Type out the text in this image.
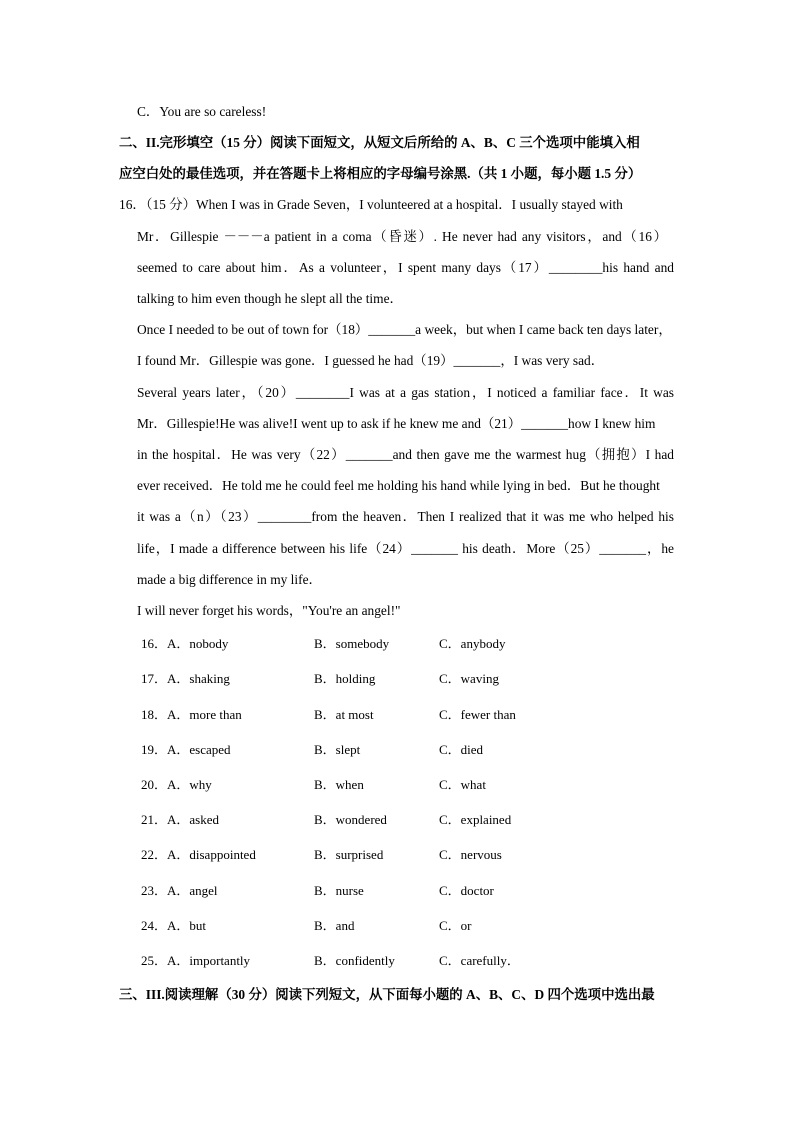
C．You are so careless!
二、II.完形填空（15 分）阅读下面短文，从短文后所给的 A、B、C 三个选项中能填入相
应空白处的最佳选项，并在答题卡上将相应的字母编号涂黑.（共 1 小题，每小题 1.5 分）
16．（15 分）When I was in Grade Seven，I volunteered at a hospital．I usually stayed with
Mr．Gillespie －－－a patient in a coma（昏迷）. He never had any visitors，and（16）
seemed to care about him．As a volunteer，I spent many days（17）________his hand and
talking to him even though he slept all the time．
Once I needed to be out of town for（18）_______a week，but when I came back ten days later，
I found Mr．Gillespie was gone．I guessed he had（19）_______，I was very sad．
Several years later，（20）________I was at a gas station，I noticed a familiar face．It was
Mr．Gillespie!He was alive!I went up to ask if he knew me and（21）_______how I knew him
in the hospital．He was very（22）_______and then gave me the warmest hug（拥抱）I had
ever received．He told me he could feel me holding his hand while lying in bed．But he thought
it was a（n）（23）________from the heaven．Then I realized that it was me who helped his
life，I made a difference between his life（24）_______ his death．More（25）_______，he
made a big difference in my life．
I will never forget his words，"You're an angel!"
16．A．nobody	B．somebody	C．anybody
17．A．shaking	B．holding	C．waving
18．A．more than	B．at most	C．fewer than
19．A．escaped	B．slept	C．died
20．A．why	B．when	C．what
21．A．asked	B．wondered	C．explained
22．A．disappointed	B．surprised	C．nervous
23．A．angel	B．nurse	C．doctor
24．A．but	B．and	C．or
25．A．importantly	B．confidently	C．carefully．
三、III.阅读理解（30 分）阅读下列短文，从下面每小题的 A、B、C、D 四个选项中选出最
